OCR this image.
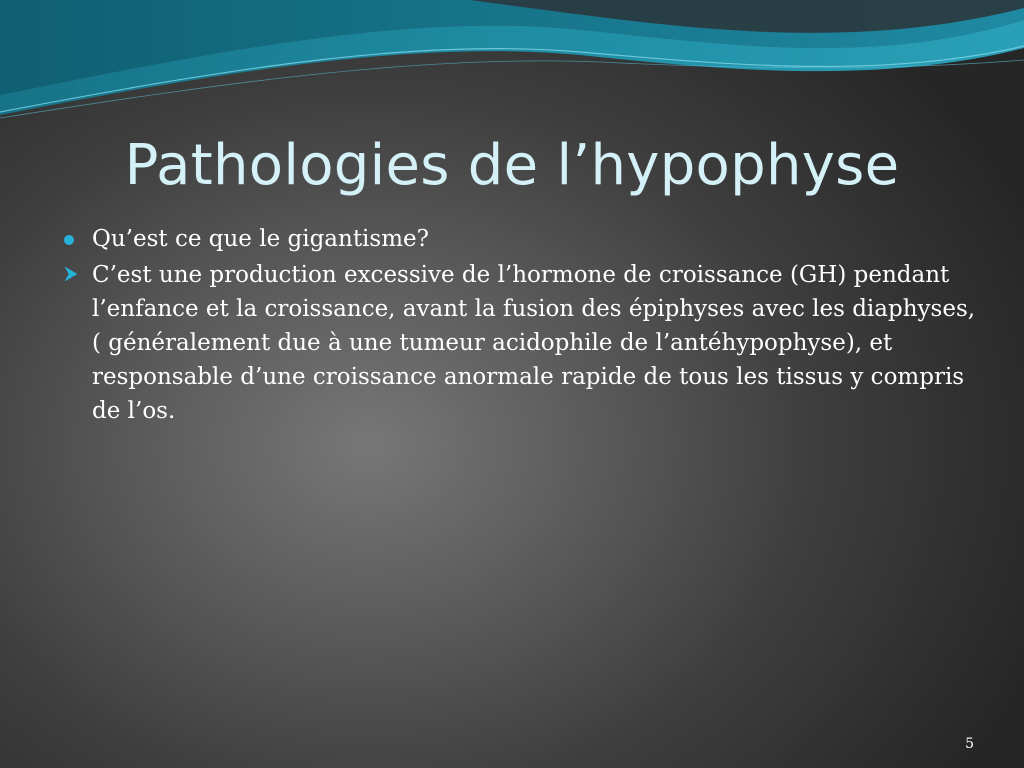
Pathologies de l’hypophyse
Qu’est ce que le gigantisme?
C’est une production excessive de l’hormone de croissance (GH) pendant l’enfance et la croissance, avant la fusion des épiphyses avec les diaphyses, ( généralement due à une tumeur acidophile de l’antéhypophyse), et responsable d’une croissance anormale rapide de tous les tissus y compris de l’os.
5
